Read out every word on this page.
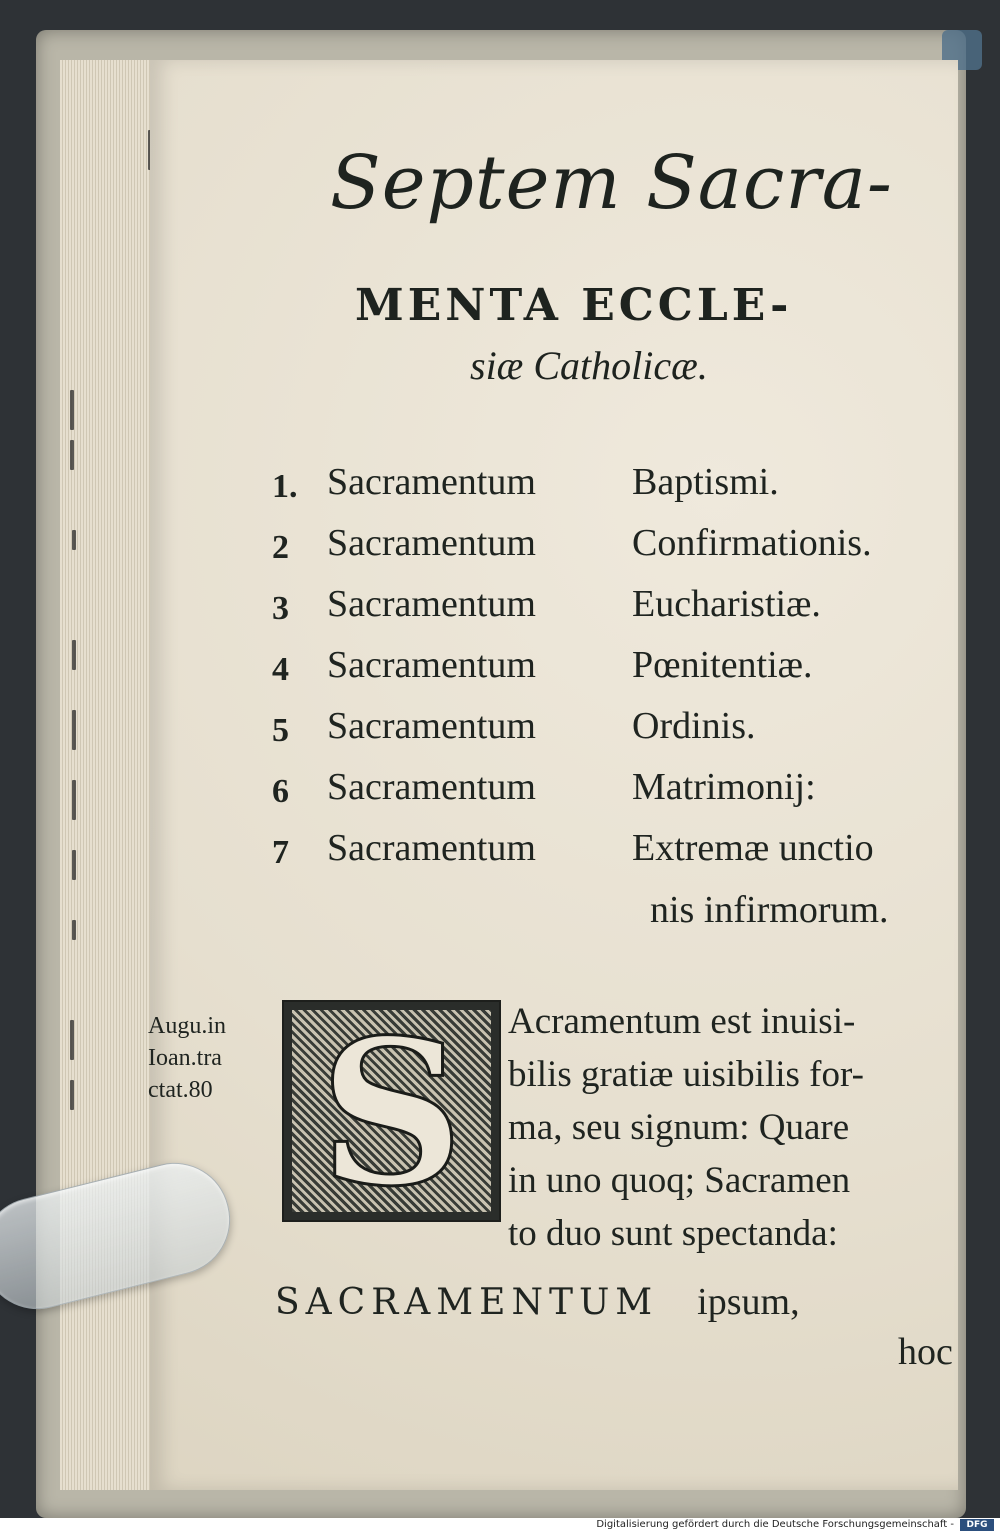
Septem Sacra-
MENTA ECCLE-
siæ Catholicæ.
1. Sacramentum	Baptismi.
2	Sacramentum	Confirmationis.
3	Sacramentum	Eucharistiæ.
4	Sacramentum	Pœnitentiæ.
5	Sacramentum	Ordinis.
6	Sacramentum	Matrimonij:
7	Sacramentum	Extremæ unctio
nis infirmorum.
Augu.in
Ioan.tra
ctat.80 S	Acramentum est inuisi-
bilis gratiæ uisibilis for-
ma, seu signum: Quare
in uno quoq; Sacramen
to duo sunt spectanda:
SACRAMENTUM ipsum,
hoc
Digitalisierung gefördert durch die Deutsche Forschungsgemeinschaft -	DFG
